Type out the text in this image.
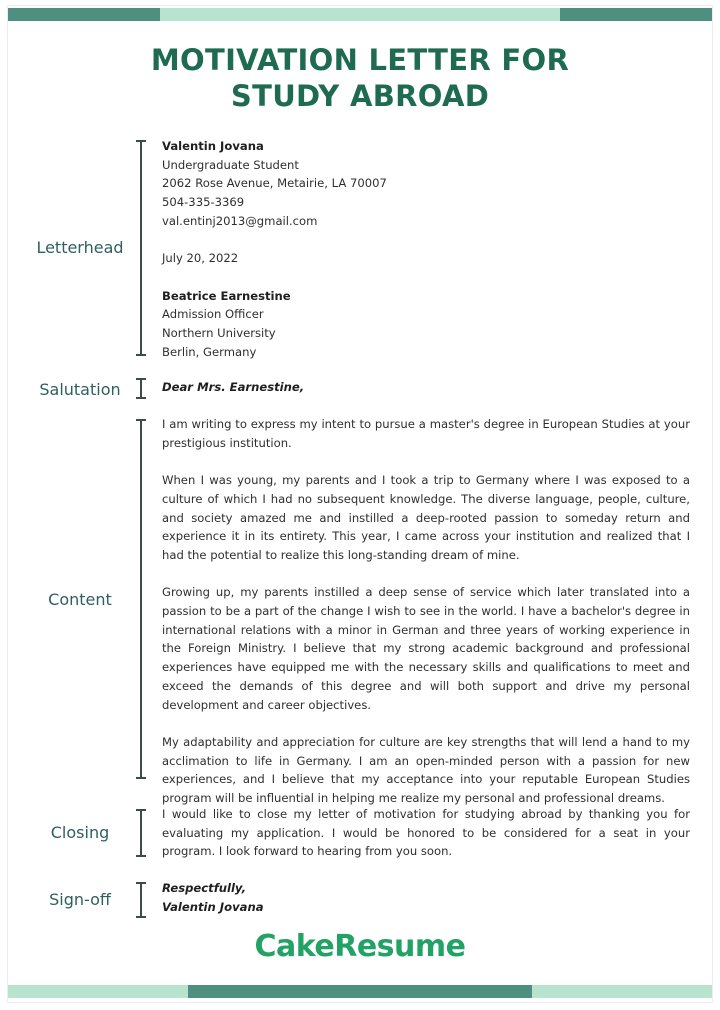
MOTIVATION LETTER FOR
STUDY ABROAD
Letterhead

Valentin Jovana

Undergraduate Student

2062 Rose Avenue, Metairie, LA 70007

504-335-3369

val.entinj2013@gmail.com

July 20, 2022

Beatrice Earnestine

Admission Officer

Northern University

Berlin, Germany

Salutation	Dear Mrs. Earnestine,

Content

I am writing to express my intent to pursue a master's degree in European Studies at your prestigious institution.

When I was young, my parents and I took a trip to Germany where I was exposed to a culture of which I had no subsequent knowledge. The diverse language, people, culture, and society amazed me and instilled a deep-rooted passion to someday return and experience it in its entirety. This year, I came across your institution and realized that I had the potential to realize this long-standing dream of mine.

Growing up, my parents instilled a deep sense of service which later translated into a passion to be a part of the change I wish to see in the world. I have a bachelor's degree in international relations with a minor in German and three years of working experience in the Foreign Ministry. I believe that my strong academic background and professional experiences have equipped me with the necessary skills and qualifications to meet and exceed the demands of this degree and will both support and drive my personal development and career objectives.

My adaptability and appreciation for culture are key strengths that will lend a hand to my acclimation to life in Germany. I am an open-minded person with a passion for new experiences, and I believe that my acceptance into your reputable European Studies program will be influential in helping me realize my personal and professional dreams.

Closing

I would like to close my letter of motivation for studying abroad by thanking you for evaluating my application. I would be honored to be considered for a seat in your program. I look forward to hearing from you soon.

Sign-off

Respectfully,

Valentin Jovana

CakeResume
